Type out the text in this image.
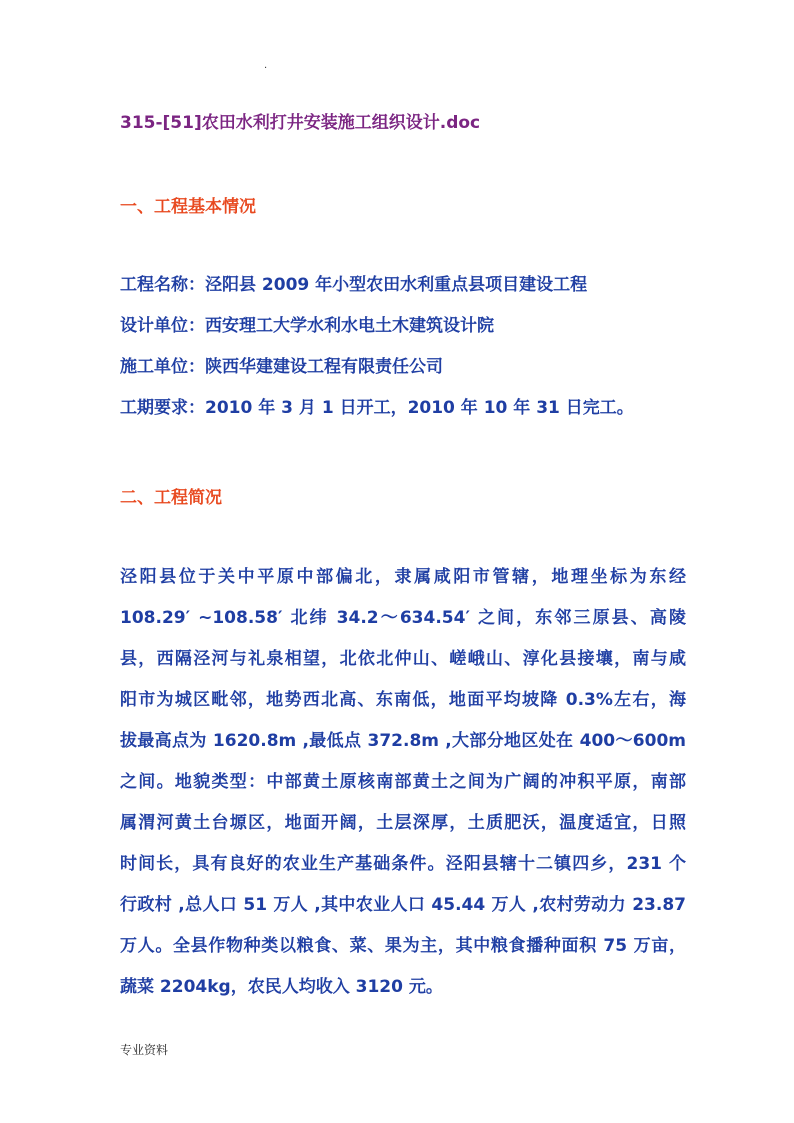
.
315-[51]农田水利打井安装施工组织设计.doc
一、工程基本情况
工程名称：泾阳县 2009 年小型农田水利重点县项目建设工程
设计单位：西安理工大学水利水电土木建筑设计院
施工单位：陕西华建建设工程有限责任公司
工期要求：2010 年 3 月 1 日开工，2010 年 10 年 31 日完工。
二、工程简况
泾阳县位于关中平原中部偏北，隶属咸阳市管辖，地理坐标为东经
108.29′ ~108.58′ 北纬 34.2～634.54′ 之间，东邻三原县、高陵
县，西隔泾河与礼泉相望，北依北仲山、嵯峨山、淳化县接壤，南与咸
阳市为城区毗邻，地势西北高、东南低，地面平均坡降 0.3%左右，海
拔最高点为 1620.8m ,最低点 372.8m ,大部分地区处在 400～600m
之间。地貌类型：中部黄土原核南部黄土之间为广阔的冲积平原，南部
属渭河黄土台塬区，地面开阔，土层深厚，土质肥沃，温度适宜，日照
时间长，具有良好的农业生产基础条件。泾阳县辖十二镇四乡，231 个
行政村 ,总人口 51 万人 ,其中农业人口 45.44 万人 ,农村劳动力 23.87
万人。全县作物种类以粮食、菜、果为主，其中粮食播种面积 75 万亩，
蔬菜 2204kg，农民人均收入 3120 元。
专业资料
